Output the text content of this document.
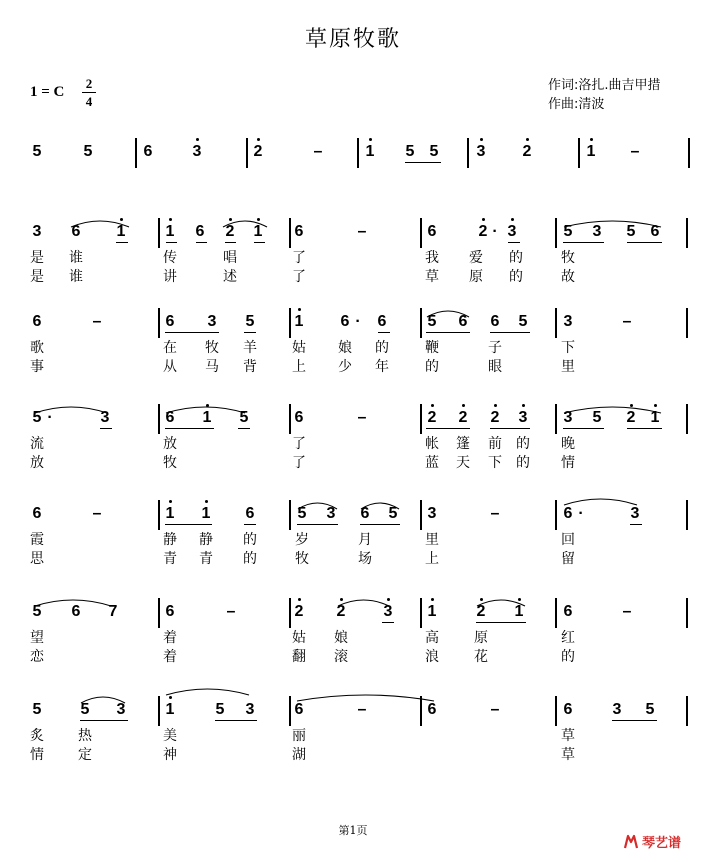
草原牧歌
1 = C
2
4
作词:洛扎.曲吉甲措
作曲:清波
5	5	6	3	2	–	1 5 5 3 2	1 –
3 6 1	1 6 2 1 6	–	6	2 · 3	5 3 5 6
是 谁	传	唱	了	我 爱 的	牧
是 谁	讲	述	了	草 原 的	故
6	–	6 3 5	1 6 · 6	5 6 6 5 3	–
歌	在 牧 羊	姑 娘 的	鞭	子	下
事	从 马 背	上 少 年	的	眼	里
5 ·	3	6 1 5	6	–	2 2 2 3 3 5 2 1
流	放	了	帐 篷 前 的 晚
放	牧	了	蓝 天 下 的 情
6	–	1 1 6	5 3 6 5 3	–	6 ·	3
霞	静 静 的	岁	月	里	回
思	青 青 的	牧	场	上	留
5 6 7	6	–	2 2 3 1	2 1	6	–
望	着	姑 娘	高	原	红
恋	着	翻 滚	浪	花	的
5 5 3	1	5 3	6	–	6	–	6	3 5
炙 热	美	丽	草
情 定	神	湖	草
第1页
琴艺谱
